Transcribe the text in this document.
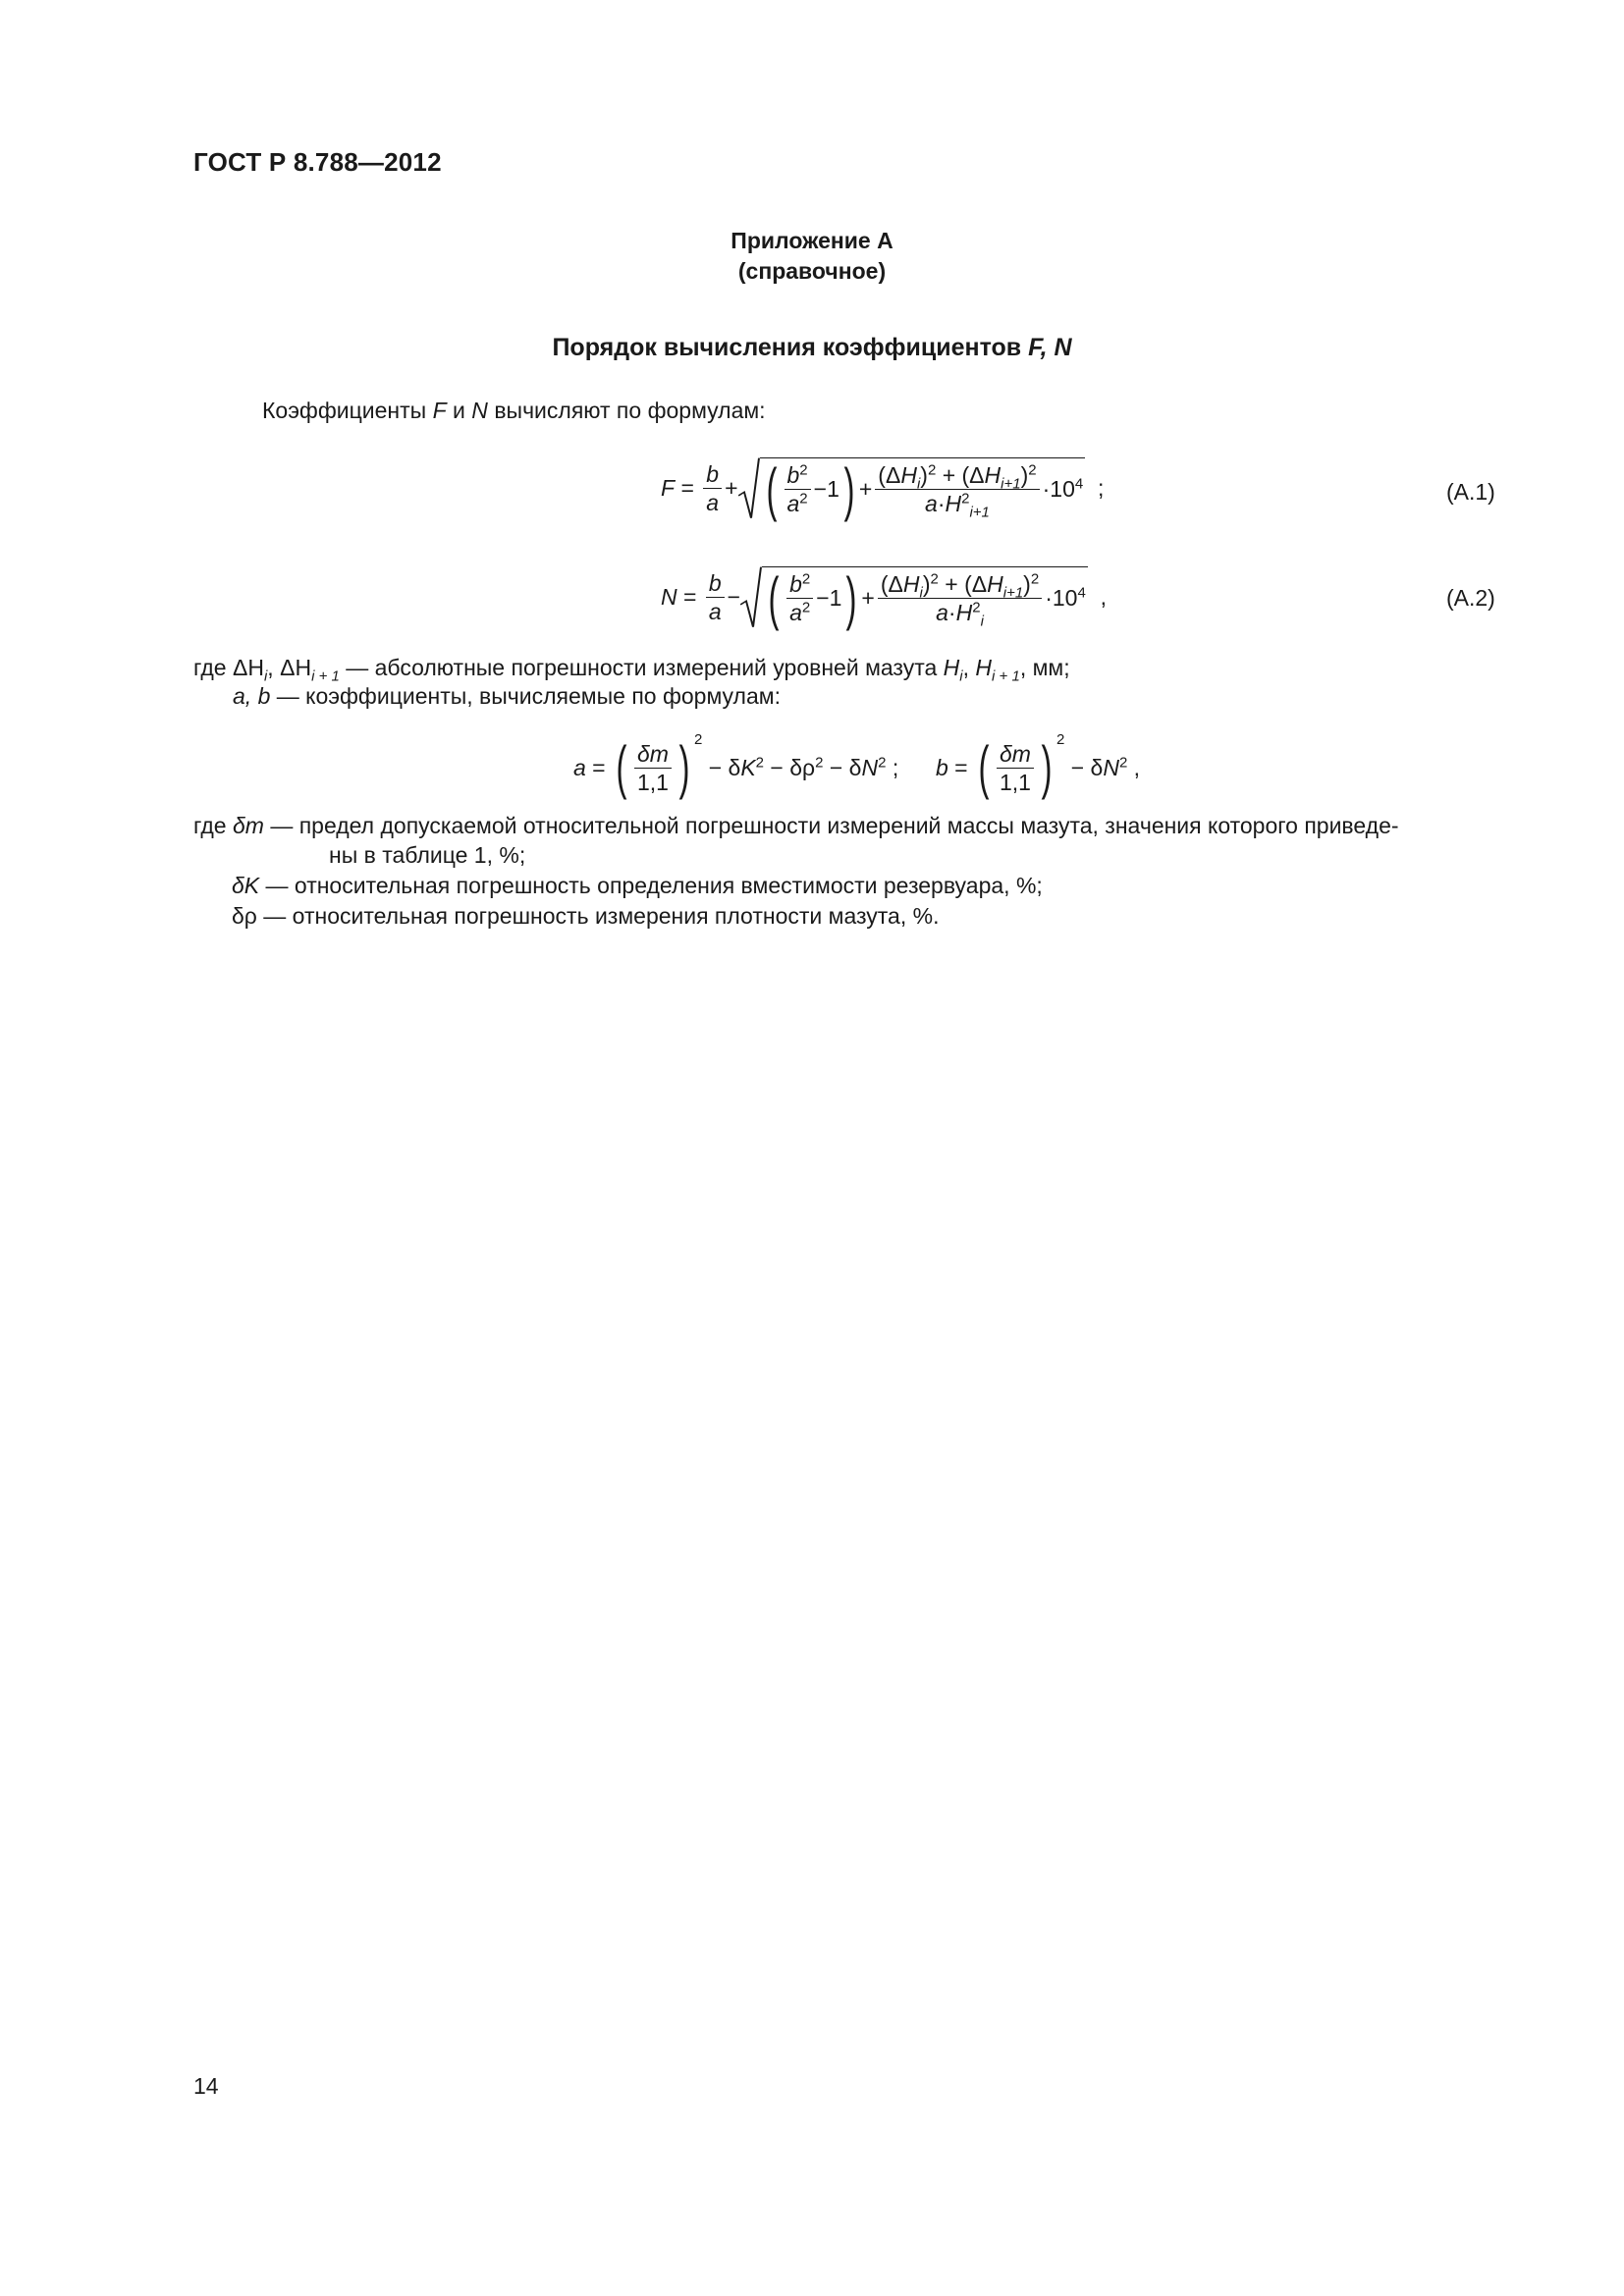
ГОСТ Р 8.788—2012
Приложение А
(справочное)
Порядок вычисления коэффициентов F, N
Коэффициенты F и N вычисляют по формулам:
$F = \frac{b}{a}$ + ( $\frac{b^2}{a^2} -1$ ) + $\frac{(\Delta H_i)^2 + (\Delta H_{i+1})^2}{a\cdot H^2_{i+1}} \cdot 10^4$
;	(А.1)
$N = \frac{b}{a}$ − ( $\frac{b^2}{a^2} -1$ ) + $\frac{(\Delta H_i)^2 + (\Delta H_{i+1})^2}{a\cdot H^2_i} \cdot 10^4$
,	(А.2)
где $\Delta H_i$, $\Delta H_{i + 1}$ — абсолютные погрешности измерений уровней мазута $H_i$, $H_{i + 1}$, мм;
a, b — коэффициенты, вычисляемые по формулам:
a = ( $\frac{\delta m}{1,1}$ ) 2
− $\delta K^2 - \delta\rho^2 - \delta N^2$ ; b = ( $\frac{\delta m}{1,1}$ ) 2
− $\delta N^2$ ,
где δm — предел допускаемой относительной погрешности измерений массы мазута, значения которого приведе-
ны в таблице 1, %;
δK — относительная погрешность определения вместимости резервуара, %;
δρ — относительная погрешность измерения плотности мазута, %.
14
